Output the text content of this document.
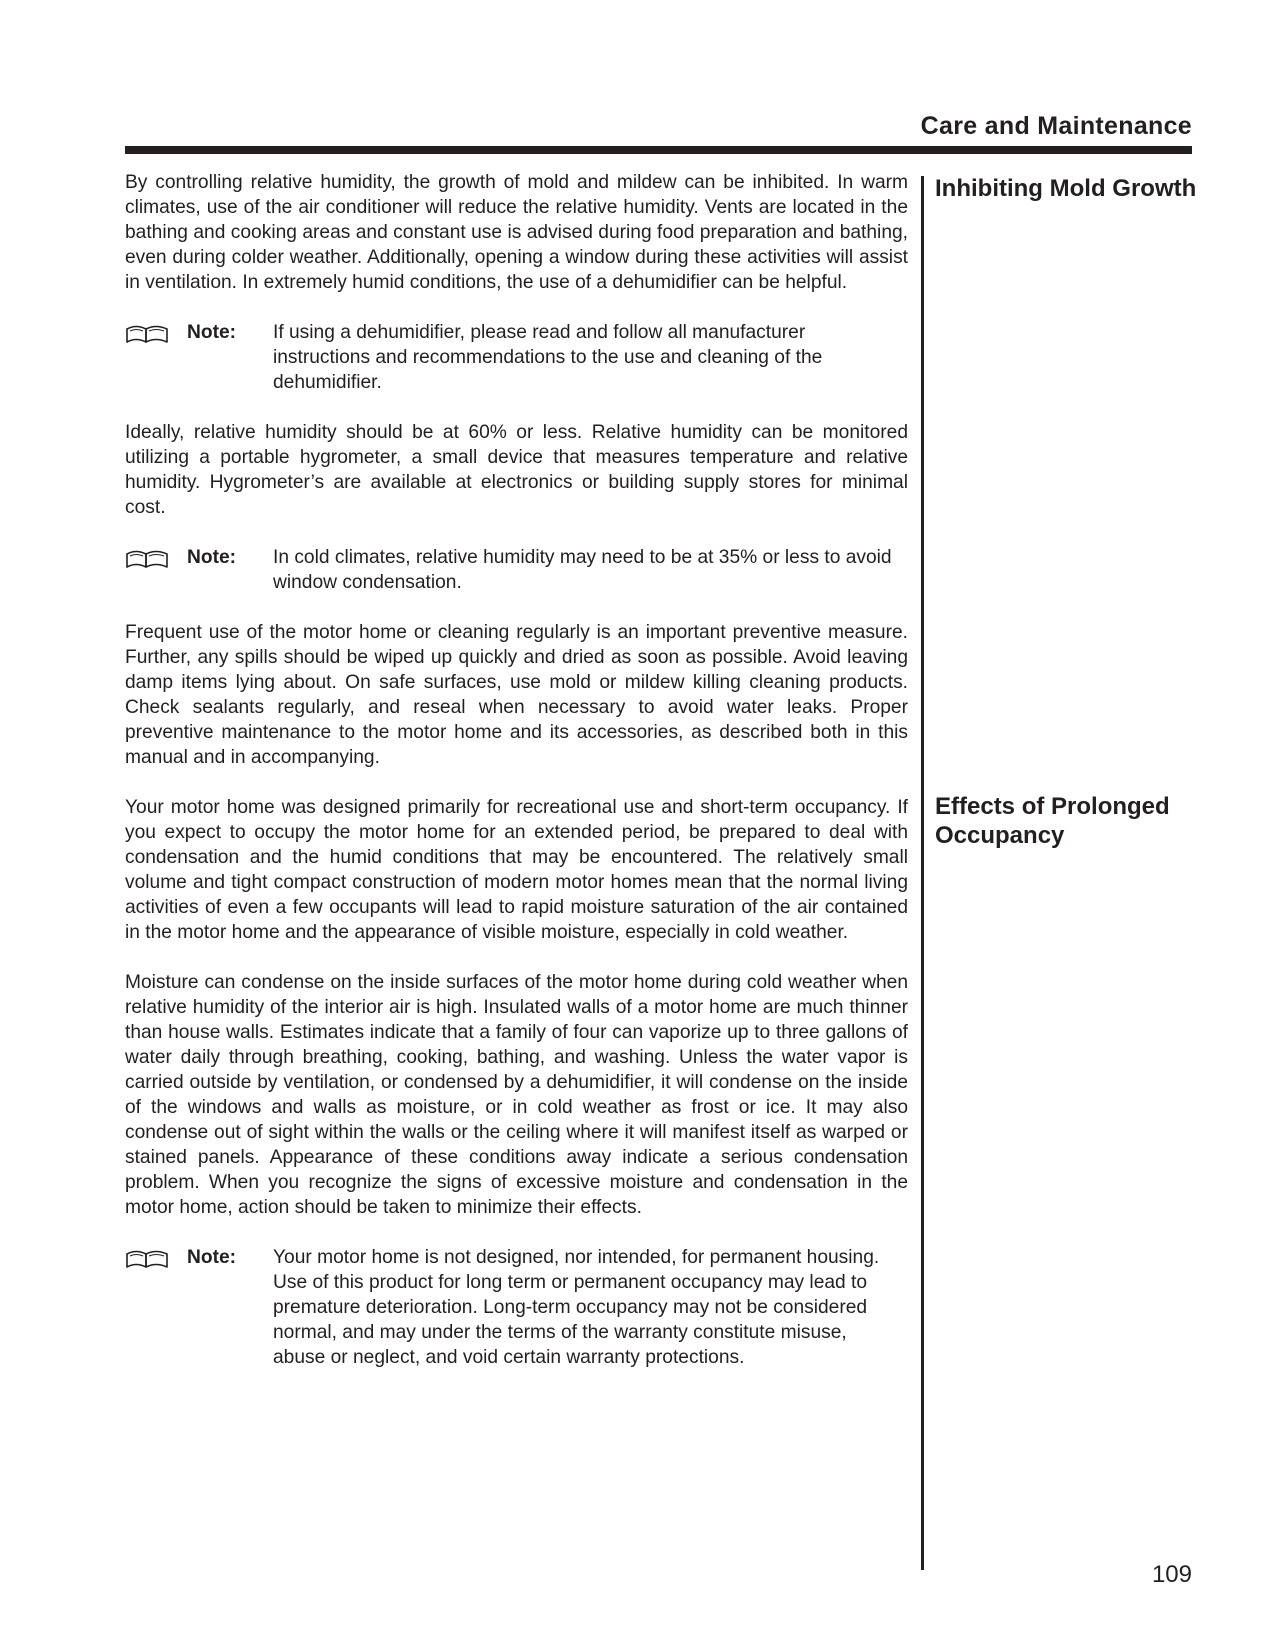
Care and Maintenance
Inhibiting Mold Growth
Effects of Prolonged Occupancy

By controlling relative humidity, the growth of mold and mildew can be inhibited. In warm climates, use of the air conditioner will reduce the relative humidity. Vents are located in the bathing and cooking areas and constant use is advised during food preparation and bathing, even during colder weather. Additionally, opening a window during these activities will assist in ventilation. In extremely humid conditions, the use of a dehumidifier can be helpful.

Note: If using a dehumidifier, please read and follow all manufacturer instructions and recommendations to the use and cleaning of the dehumidifier.

Ideally, relative humidity should be at 60% or less. Relative humidity can be monitored utilizing a portable hygrometer, a small device that measures temperature and relative humidity. Hygrometer’s are available at electronics or building supply stores for minimal cost.

Note: In cold climates, relative humidity may need to be at 35% or less to avoid window condensation.

Frequent use of the motor home or cleaning regularly is an important preventive measure. Further, any spills should be wiped up quickly and dried as soon as possible. Avoid leaving damp items lying about. On safe surfaces, use mold or mildew killing cleaning products. Check sealants regularly, and reseal when necessary to avoid water leaks. Proper preventive maintenance to the motor home and its accessories, as described both in this manual and in accompanying.

Your motor home was designed primarily for recreational use and short-term occupancy. If you expect to occupy the motor home for an extended period, be prepared to deal with condensation and the humid conditions that may be encountered. The relatively small volume and tight compact construction of modern motor homes mean that the normal living activities of even a few occupants will lead to rapid moisture saturation of the air contained in the motor home and the appearance of visible moisture, especially in cold weather.

Moisture can condense on the inside surfaces of the motor home during cold weather when relative humidity of the interior air is high. Insulated walls of a motor home are much thinner than house walls. Estimates indicate that a family of four can vaporize up to three gallons of water daily through breathing, cooking, bathing, and washing. Unless the water vapor is carried outside by ventilation, or condensed by a dehumidifier, it will condense on the inside of the windows and walls as moisture, or in cold weather as frost or ice. It may also condense out of sight within the walls or the ceiling where it will manifest itself as warped or stained panels. Appearance of these conditions away indicate a serious condensation problem. When you recognize the signs of excessive moisture and condensation in the motor home, action should be taken to minimize their effects.

Note: Your motor home is not designed, nor intended, for permanent housing. Use of this product for long term or permanent occupancy may lead to premature deterioration. Long-term occupancy may not be considered normal, and may under the terms of the warranty constitute misuse, abuse or neglect, and void certain warranty protections.
109
